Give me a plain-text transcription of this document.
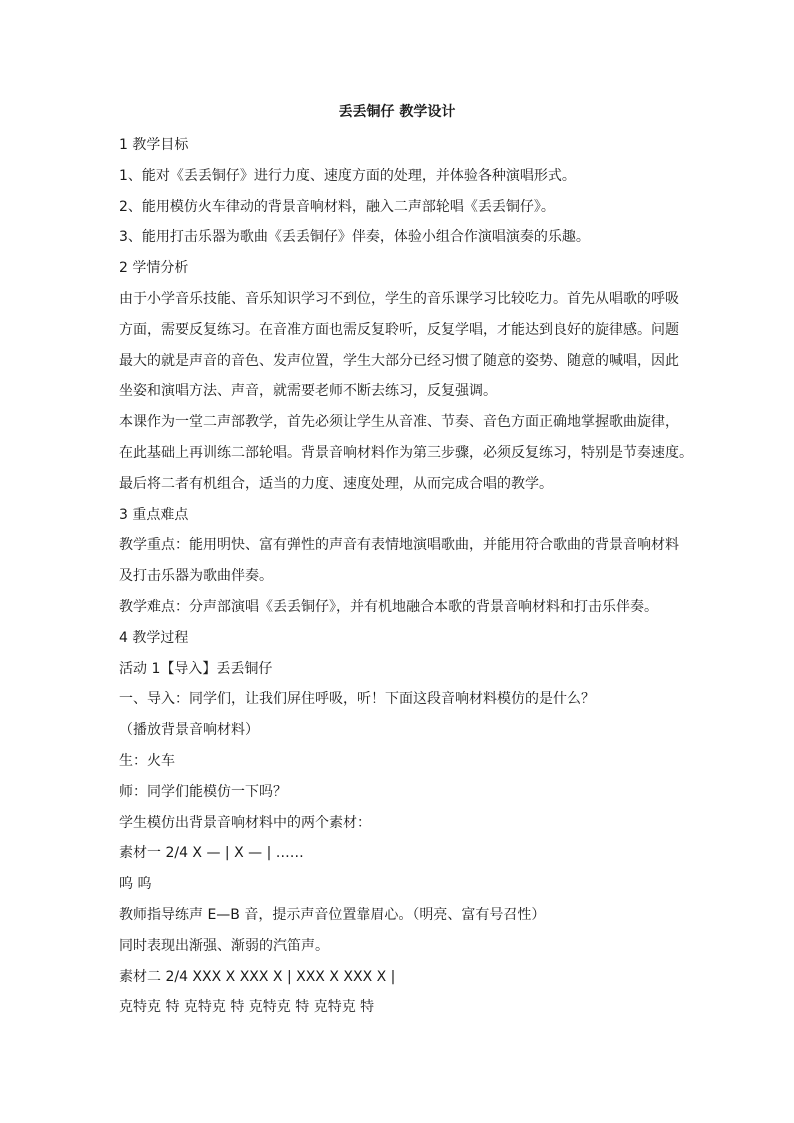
丢丢铜仔 教学设计
1 教学目标
1、能对《丢丢铜仔》进行力度、速度方面的处理，并体验各种演唱形式。
2、能用模仿火车律动的背景音响材料，融入二声部轮唱《丢丢铜仔》。
3、能用打击乐器为歌曲《丢丢铜仔》伴奏，体验小组合作演唱演奏的乐趣。
2 学情分析
由于小学音乐技能、音乐知识学习不到位，学生的音乐课学习比较吃力。首先从唱歌的呼吸
方面，需要反复练习。在音准方面也需反复聆听，反复学唱，才能达到良好的旋律感。问题
最大的就是声音的音色、发声位置，学生大部分已经习惯了随意的姿势、随意的喊唱，因此
坐姿和演唱方法、声音，就需要老师不断去练习，反复强调。
本课作为一堂二声部教学，首先必须让学生从音准、节奏、音色方面正确地掌握歌曲旋律，
在此基础上再训练二部轮唱。背景音响材料作为第三步骤，必须反复练习，特别是节奏速度。
最后将二者有机组合，适当的力度、速度处理，从而完成合唱的教学。
3 重点难点
教学重点：能用明快、富有弹性的声音有表情地演唱歌曲，并能用符合歌曲的背景音响材料
及打击乐器为歌曲伴奏。
教学难点：分声部演唱《丢丢铜仔》，并有机地融合本歌的背景音响材料和打击乐伴奏。
4 教学过程
活动 1【导入】丢丢铜仔
一、导入：同学们，让我们屏住呼吸，听！下面这段音响材料模仿的是什么？
（播放背景音响材料）
生：火车
师：同学们能模仿一下吗？
学生模仿出背景音响材料中的两个素材：
素材一 2/4 X — | X — | ……
呜 呜
教师指导练声 E—B 音，提示声音位置靠眉心。（明亮、富有号召性）
同时表现出渐强、渐弱的汽笛声。
素材二 2/4 XXX X XXX X | XXX X XXX X |
克特克 特 克特克 特 克特克 特 克特克 特
